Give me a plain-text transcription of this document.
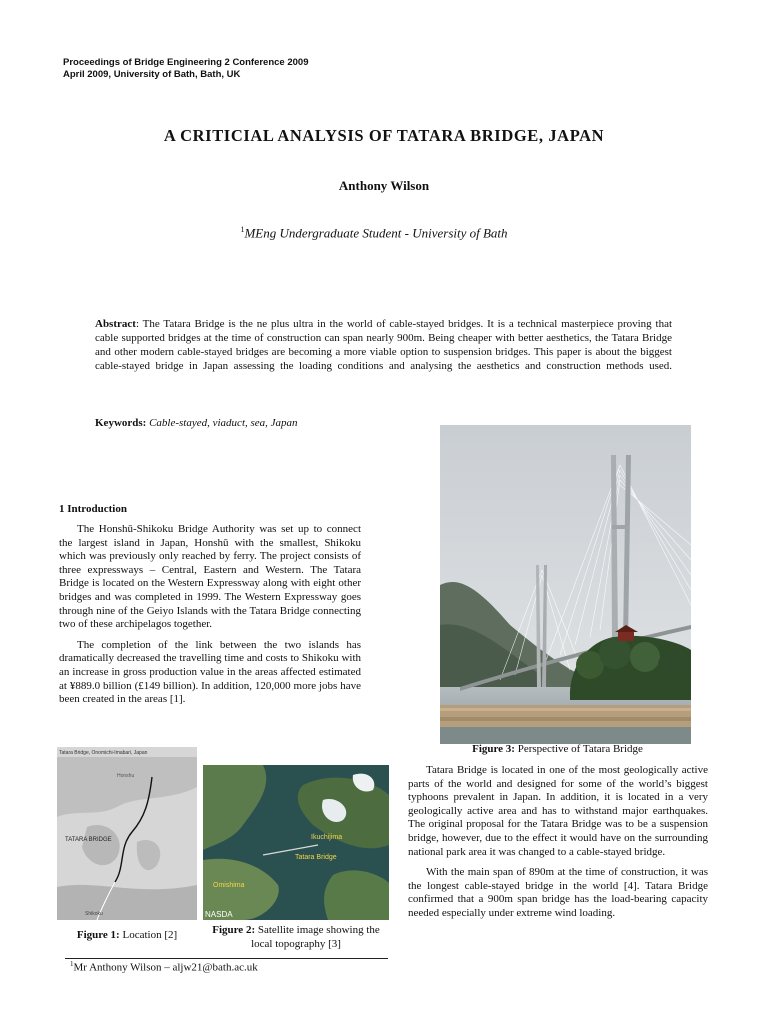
Proceedings of Bridge Engineering 2 Conference 2009
April 2009, University of Bath, Bath, UK
A CRITICIAL ANALYSIS OF TATARA BRIDGE, JAPAN
Anthony Wilson
$^1$MEng Undergraduate Student - University of Bath
Abstract: The Tatara Bridge is the ne plus ultra in the world of cable-stayed bridges. It is a technical masterpiece proving that cable supported bridges at the time of construction can span nearly 900m. Being cheaper with better aesthetics, the Tatara Bridge and other modern cable-stayed bridges are becoming a more viable option to suspension bridges. This paper is about the biggest cable-stayed bridge in Japan assessing the loading conditions and analysing the aesthetics and construction methods used.
Keywords: Cable-stayed, viaduct, sea, Japan
1 Introduction

The Honshū-Shikoku Bridge Authority was set up to connect the largest island in Japan, Honshū with the smallest, Shikoku which was previously only reached by ferry. The project consists of three expressways – Central, Eastern and Western. The Tatara Bridge is located on the Western Expressway along with eight other bridges and was completed in 1999. The Western Expressway goes through nine of the Geiyo Islands with the Tatara Bridge connecting two of these archipelagos together.

The completion of the link between the two islands has dramatically decreased the travelling time and costs to Shikoku with an increase in gross production value in the areas affected estimated at ¥889.0 billion (£149 billion). In addition, 120,000 more jobs have been created in the areas [1].

Figure 3: Perspective of Tatara Bridge

Tatara Bridge is located in one of the most geologically active parts of the world and designed for some of the world’s biggest typhoons prevalent in Japan. In addition, it is located in a very geologically active area and has to withstand major earthquakes. The original proposal for the Tatara Bridge was to be a suspension bridge, however, due to the effect it would have on the surrounding national park area it was changed to a cable-stayed bridge.

With the main span of 890m at the time of construction, it was the longest cable-stayed bridge in the world [4]. Tatara Bridge confirmed that a 900m span bridge has the load-bearing capacity needed especially under extreme wind loading.

Tatara Bridge, Onomichi-Imabari, Japan
Honshu
TATARA BRIDGE
Shikoku
Ikuchijima
Tatara Bridge
Omishima
NASDA
Figure 1: Location [2]	Figure 2: Satellite image showing the local topography [3]
$^1$Mr Anthony Wilson – aljw21@bath.ac.uk
